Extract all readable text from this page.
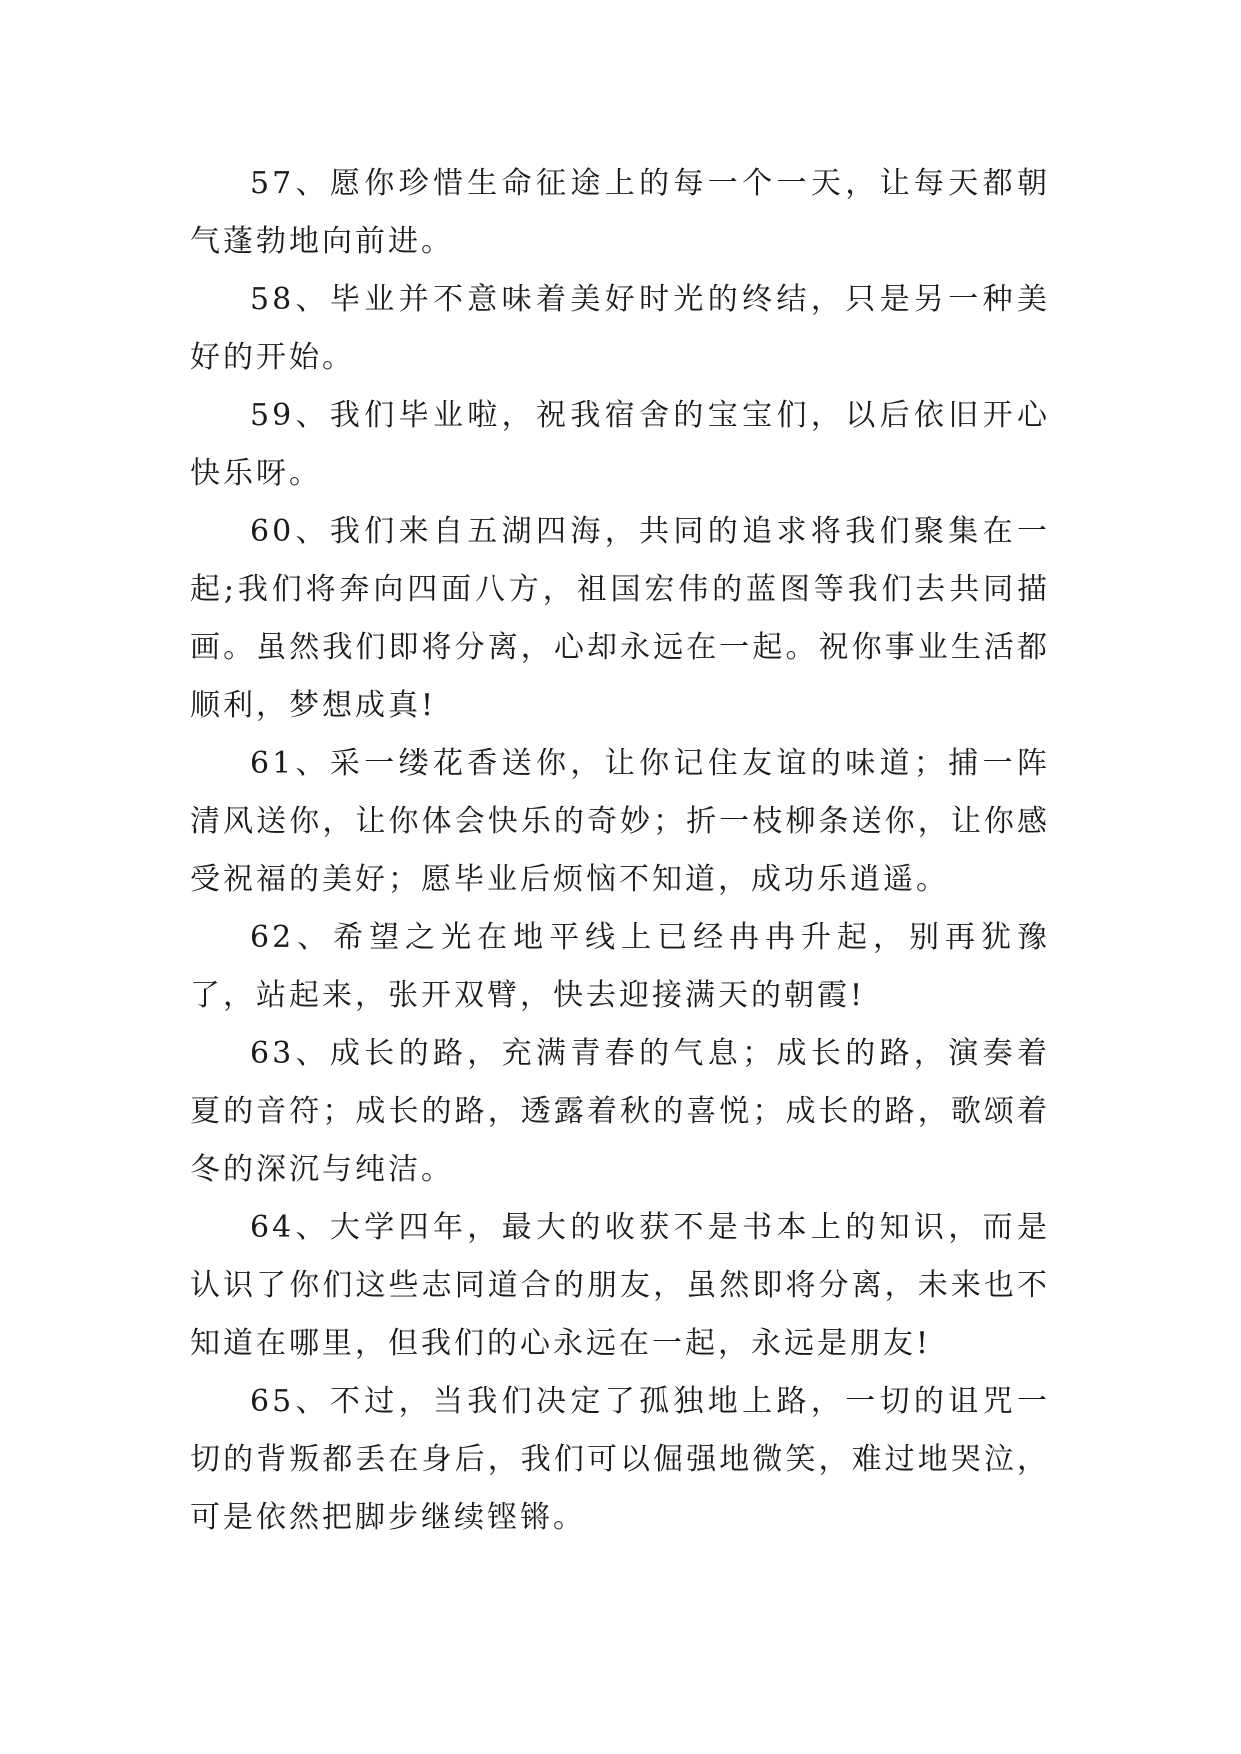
57、愿你珍惜生命征途上的每一个一天，让每天都朝气蓬勃地向前进。

58、毕业并不意味着美好时光的终结，只是另一种美好的开始。

59、我们毕业啦，祝我宿舍的宝宝们，以后依旧开心快乐呀。

60、我们来自五湖四海，共同的追求将我们聚集在一起;我们将奔向四面八方，祖国宏伟的蓝图等我们去共同描画。虽然我们即将分离，心却永远在一起。祝你事业生活都顺利，梦想成真!

61、采一缕花香送你，让你记住友谊的味道；捕一阵清风送你，让你体会快乐的奇妙；折一枝柳条送你，让你感受祝福的美好；愿毕业后烦恼不知道，成功乐逍遥。

62、希望之光在地平线上已经冉冉升起，别再犹豫了，站起来，张开双臂，快去迎接满天的朝霞!

63、成长的路，充满青春的气息；成长的路，演奏着夏的音符；成长的路，透露着秋的喜悦；成长的路，歌颂着冬的深沉与纯洁。

64、大学四年，最大的收获不是书本上的知识，而是认识了你们这些志同道合的朋友，虽然即将分离，未来也不知道在哪里，但我们的心永远在一起，永远是朋友!

65、不过，当我们决定了孤独地上路，一切的诅咒一切的背叛都丢在身后，我们可以倔强地微笑，难过地哭泣，可是依然把脚步继续铿锵。
